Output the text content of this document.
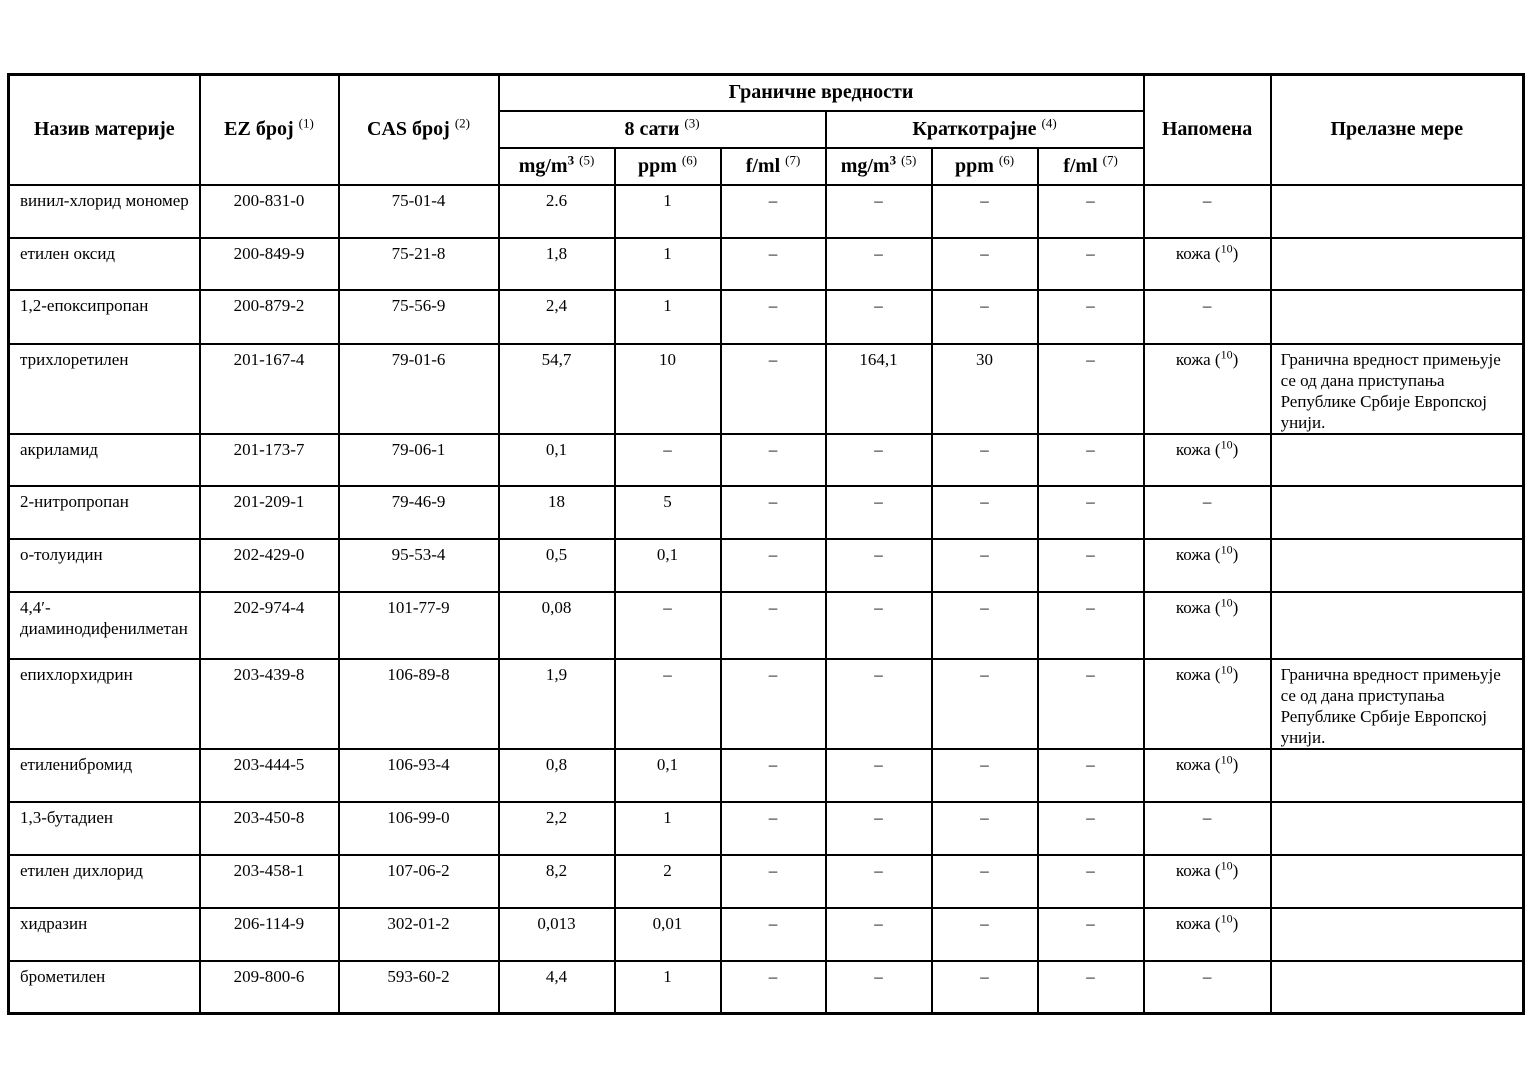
Назив материје	EZ број $^{(1)}$	CAS број $^{(2)}$	Граничне вредности						Напомена	Прелазне мере
			8 сати $^{(3)}$			Краткотрајне $^{(4)}$
			$mg/m^3$ $^{(5)}$	ppm $^{(6)}$	f/ml $^{(7)}$	$mg/m^3$ $^{(5)}$	ppm $^{(6)}$	f/ml $^{(7)}$
винил-хлорид мономер	200-831-0	75-01-4	2.6	1	–	–	–	–	–	
етилен оксид	200-849-9	75-21-8	1,8	1	–	–	–	–	кожа ($^{10}$)	
1,2-епоксипропан	200-879-2	75-56-9	2,4	1	–	–	–	–	–	
трихлоретилен	201-167-4	79-01-6	54,7	10	–	164,1	30	–	кожа ($^{10}$)	Гранична вредност примењује се од дана приступања Републике Србије Европској унији.
акриламид	201-173-7	79-06-1	0,1	–	–	–	–	–	кожа ($^{10}$)	
2-нитропропан	201-209-1	79-46-9	18	5	–	–	–	–	–	
о-толуидин	202-429-0	95-53-4	0,5	0,1	–	–	–	–	кожа ($^{10}$)	
4,4′-диаминодифенилметан	202-974-4	101-77-9	0,08	–	–	–	–	–	кожа ($^{10}$)	
епихлорхидрин	203-439-8	106-89-8	1,9	–	–	–	–	–	кожа ($^{10}$)	Гранична вредност примењује се од дана приступања Републике Србије Европској унији.
етиленибромид	203-444-5	106-93-4	0,8	0,1	–	–	–	–	кожа ($^{10}$)	
1,3-бутадиен	203-450-8	106-99-0	2,2	1	–	–	–	–	–	
етилен дихлорид	203-458-1	107-06-2	8,2	2	–	–	–	–	кожа ($^{10}$)	
хидразин	206-114-9	302-01-2	0,013	0,01	–	–	–	–	кожа ($^{10}$)	
брометилен	209-800-6	593-60-2	4,4	1	–	–	–	–	–	
